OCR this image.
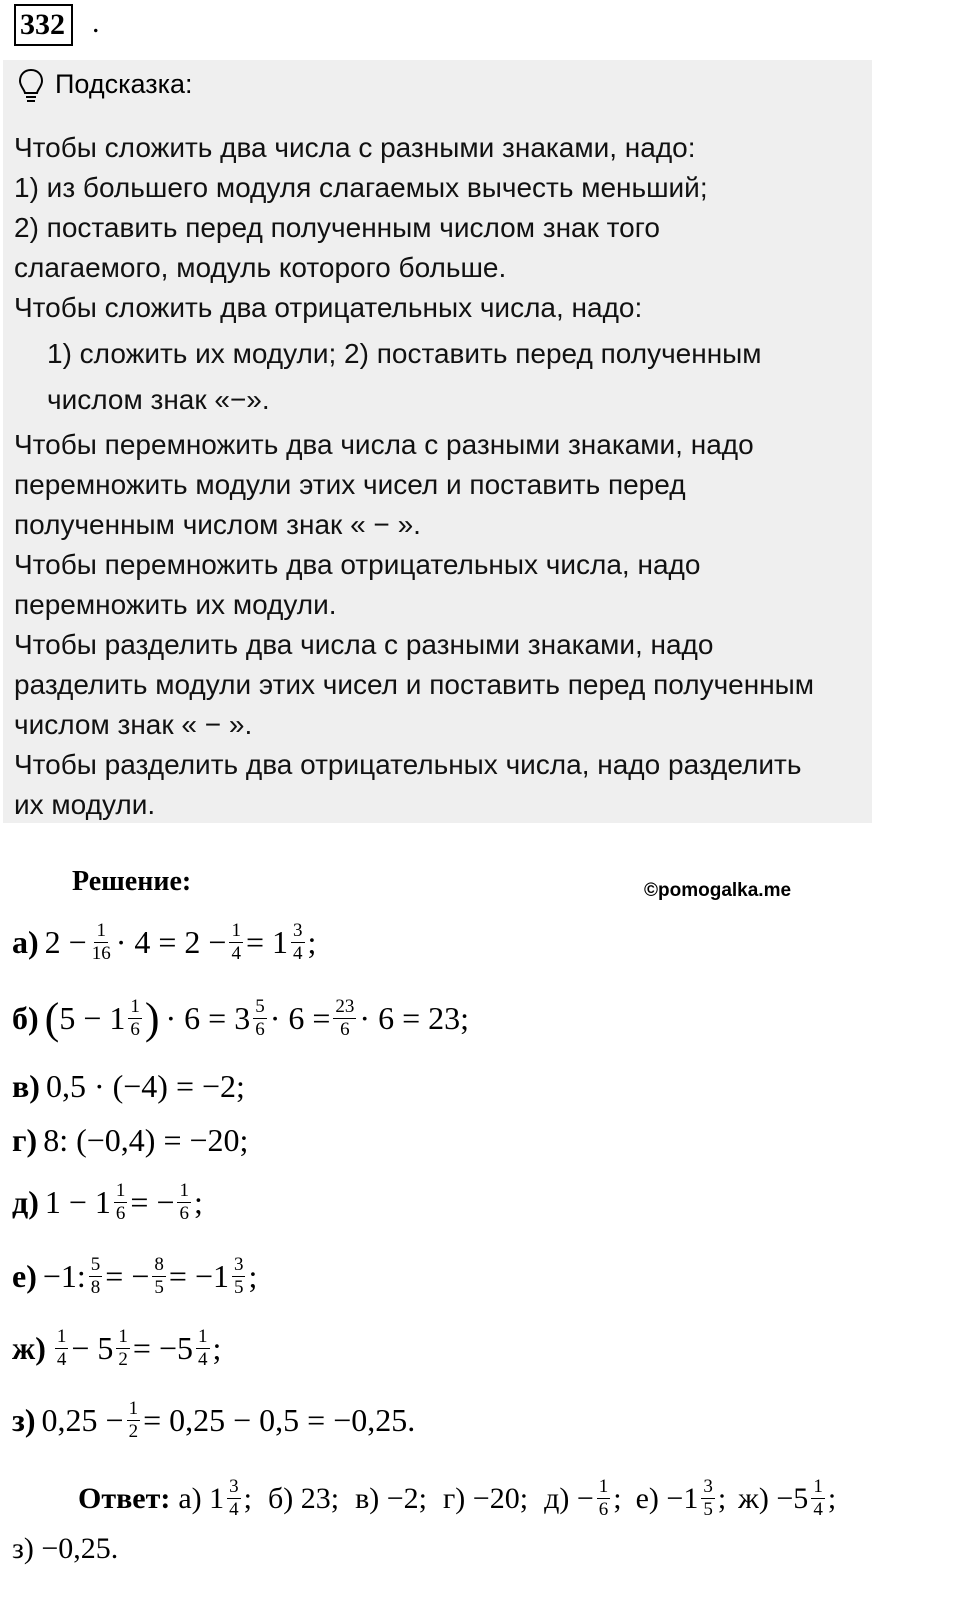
332 .
Подсказка:
Чтобы сложить два числа с разными знаками, надо:
1) из большего модуля слагаемых вычесть меньший;
2) поставить перед полученным числом знак того
слагаемого, модуль которого больше.
Чтобы сложить два отрицательных числа, надо:
1) сложить их модули; 2) поставить перед полученным
числом знак «−».
Чтобы перемножить два числа с разными знаками, надо
перемножить модули этих чисел и поставить перед
полученным числом знак « − ».
Чтобы перемножить два отрицательных числа, надо
перемножить их модули.
Чтобы разделить два числа с разными знаками, надо
разделить модули этих чисел и поставить перед полученным
числом знак « − ».
Чтобы разделить два отрицательных числа, надо разделить
их модули.
Решение:	©pomogalka.me
а) $2 - \frac{1}{16} \cdot 4 = 2 - \frac{1}{4} = 1 \frac{3}{4}$ ;
б) ( $5 - 1 \frac{1}{6}$ ) · $6 = 3 \frac{5}{6} \cdot 6 = \frac{23}{6} \cdot 6 = 23$;
в) 0,5 · (−4) = −2;
г) 8: (−0,4) = −20;
д) $1 - 1 \frac{1}{6}$ = − $\frac{1}{6}$ ;
е) −1: $\frac{5}{8}$ = − $\frac{8}{5} = -1 \frac{3}{5}$ ;
$ж) \frac{1}{4} - 5 \frac{1}{2} = -5 \frac{1}{4}$ ;
з) $0,25 - \frac{1}{2} = 0,25 - 0,5 = -0,25$.
Ответ: а) $1 \frac{3}{4}$ ; б) 23; в) −2; г) −20; $д) - \frac{1}{6}$ ; $е) -1 \frac{3}{5}$ ; $ж) -5 \frac{1}{4}$ ;
з) −0,25.
